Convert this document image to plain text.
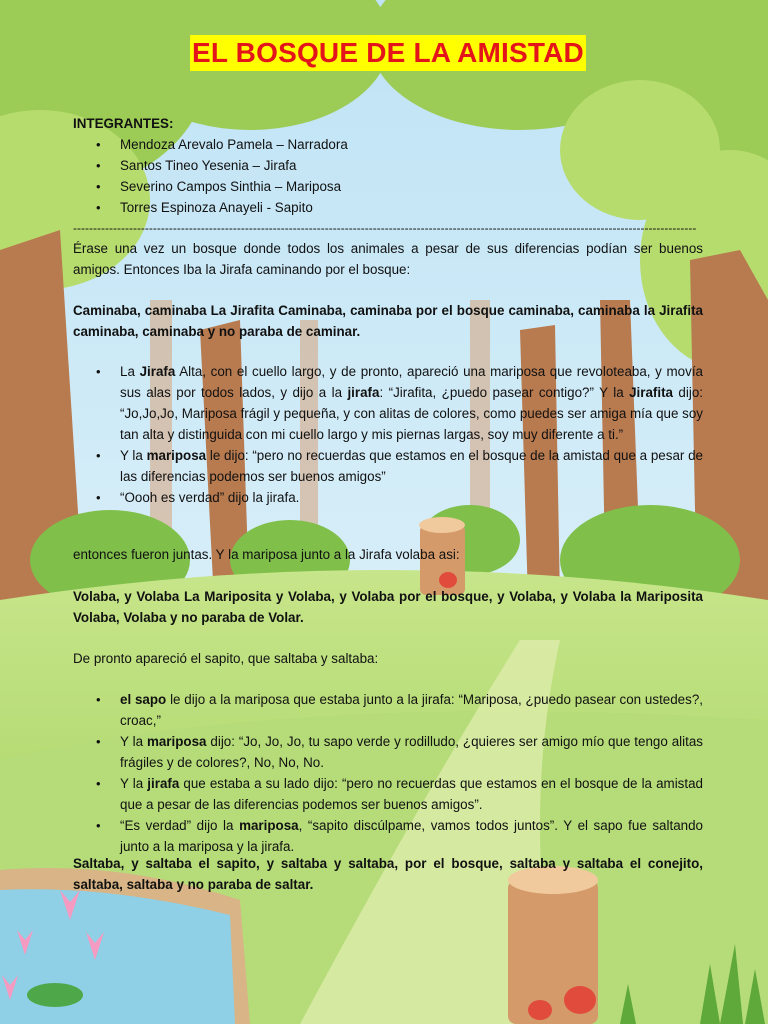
EL BOSQUE DE LA AMISTAD
INTEGRANTES:
• Mendoza Arevalo Pamela – Narradora
• Santos Tineo Yesenia – Jirafa
• Severino Campos Sinthia – Mariposa
• Torres Espinoza Anayeli - Sapito
------------------------------------------------------------------------------------------------------------------------------------------------------------
Érase una vez un bosque donde todos los animales a pesar de sus diferencias podían ser buenos amigos. Entonces Iba la Jirafa caminando por el bosque:
Caminaba, caminaba La Jirafita Caminaba, caminaba por el bosque caminaba, caminaba la Jirafita caminaba, caminaba y no paraba de caminar.
• La Jirafa Alta, con el cuello largo, y de pronto, apareció una mariposa que revoloteaba, y movía sus alas por todos lados, y dijo a la jirafa: “Jirafita, ¿puedo pasear contigo?” Y la Jirafita dijo: “Jo,Jo,Jo, Mariposa frágil y pequeña, y con alitas de colores, como puedes ser amiga mía que soy tan alta y distinguida con mi cuello largo y mis piernas largas, soy muy diferente a ti.”
• Y la mariposa le dijo: “pero no recuerdas que estamos en el bosque de la amistad que a pesar de las diferencias podemos ser buenos amigos”
• “Oooh es verdad” dijo la jirafa.
entonces fueron juntas. Y la mariposa junto a la Jirafa volaba asi:
Volaba, y Volaba La Mariposita y Volaba, y Volaba por el bosque, y Volaba, y Volaba la Mariposita Volaba, Volaba y no paraba de Volar.
De pronto apareció el sapito, que saltaba y saltaba:
• el sapo le dijo a la mariposa que estaba junto a la jirafa: “Mariposa, ¿puedo pasear con ustedes?, croac,”
• Y la mariposa dijo: “Jo, Jo, Jo, tu sapo verde y rodilludo, ¿quieres ser amigo mío que tengo alitas frágiles y de colores?, No, No, No.
• Y la jirafa que estaba a su lado dijo: “pero no recuerdas que estamos en el bosque de la amistad que a pesar de las diferencias podemos ser buenos amigos”.
• “Es verdad” dijo la mariposa, “sapito discúlpame, vamos todos juntos”. Y el sapo fue saltando junto a la mariposa y la jirafa.
Saltaba, y saltaba el sapito, y saltaba y saltaba, por el bosque, saltaba y saltaba el conejito, saltaba, saltaba y no paraba de saltar.
